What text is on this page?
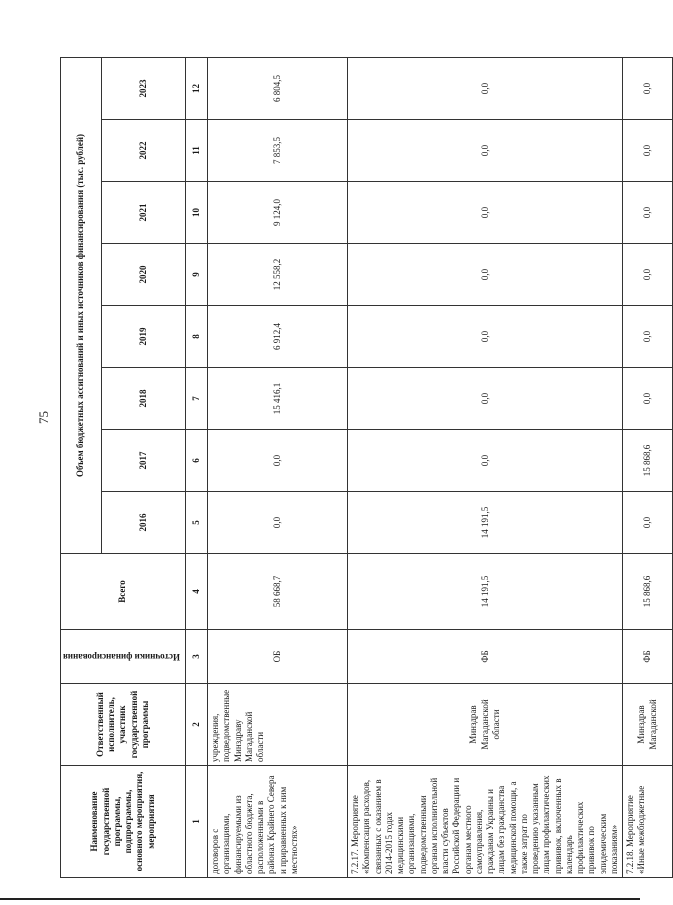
75
Наименование государственной программы, подпрограммы, основного мероприятия, мероприятия	Ответственный исполнитель, участник государственной программы	Источники финансирования	Всего	Объем бюджетных ассигнований и иных источников финансирования (тыс. рублей)							
				2016	2017	2018	2019	2020	2021	2022	2023
1	2	3	4	5	6	7	8	9	10	11	12
договоров с организациями, финансируемыми из областного бюджета, расположенными в районах Крайнего Севера и приравненных к ним местностях»	учреждения, подведомственные Минздраву Магаданской области	ОБ	58 668,7	0,0	0,0	15 416,1	6 912,4	12 558,2	9 124,0	7 853,5	6 804,5
7.2.17. Мероприятие «Компенсация расходов, связанных с оказанием в 2014-2015 годах медицинскими организациями, подведомственными органам исполнительной власти субъектов Российской Федерации и органам местного самоуправления, гражданам Украины и лицам без гражданства медицинской помощи, а также затрат по проведению указанным лицам профилактических прививок, включенных в календарь профилактических прививок по эпидемическим показаниям»	Минздрав Магаданской области	ФБ	14 191,5	14 191,5	0,0	0,0	0,0	0,0	0,0	0,0	0,0
7.2.18. Мероприятие «Иные межбюджетные	Минздрав Магаданской	ФБ	15 868,6	0,0	15 868,6	0,0	0,0	0,0	0,0	0,0	0,0
